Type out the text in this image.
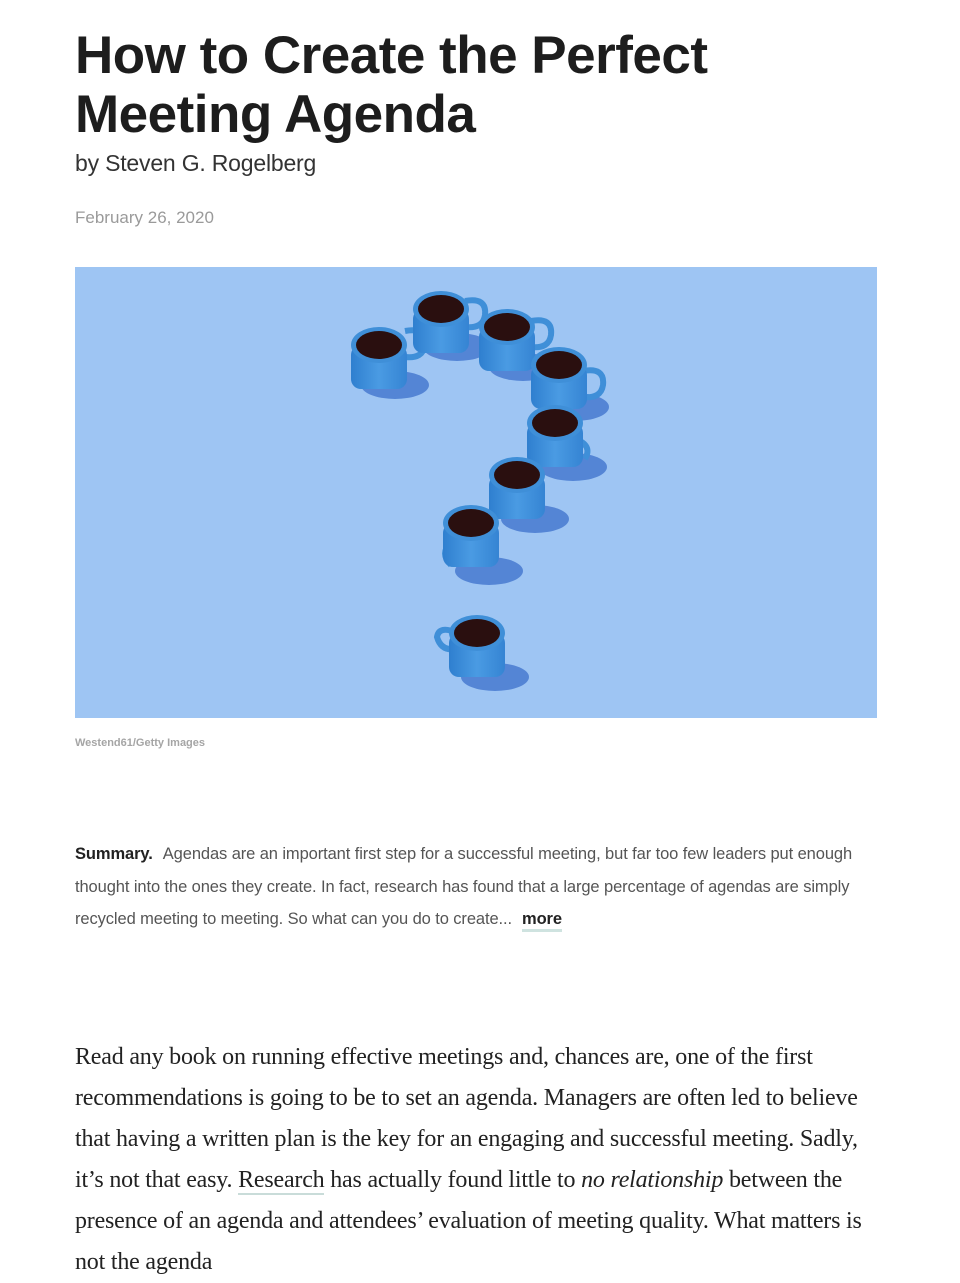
How to Create the Perfect Meeting Agenda
by Steven G. Rogelberg
February 26, 2020
Westend61/Getty Images
Summary. Agendas are an important first step for a successful meeting, but far too few leaders put enough thought into the ones they create. In fact, research has found that a large percentage of agendas are simply recycled meeting to meeting. So what can you do to create... more
Read any book on running effective meetings and, chances are, one of the first recommendations is going to be to set an agenda. Managers are often led to believe that having a written plan is the key for an engaging and successful meeting. Sadly, it’s not that easy. Research has actually found little to no relationship between the presence of an agenda and attendees’ evaluation of meeting quality. What matters is not the agenda
